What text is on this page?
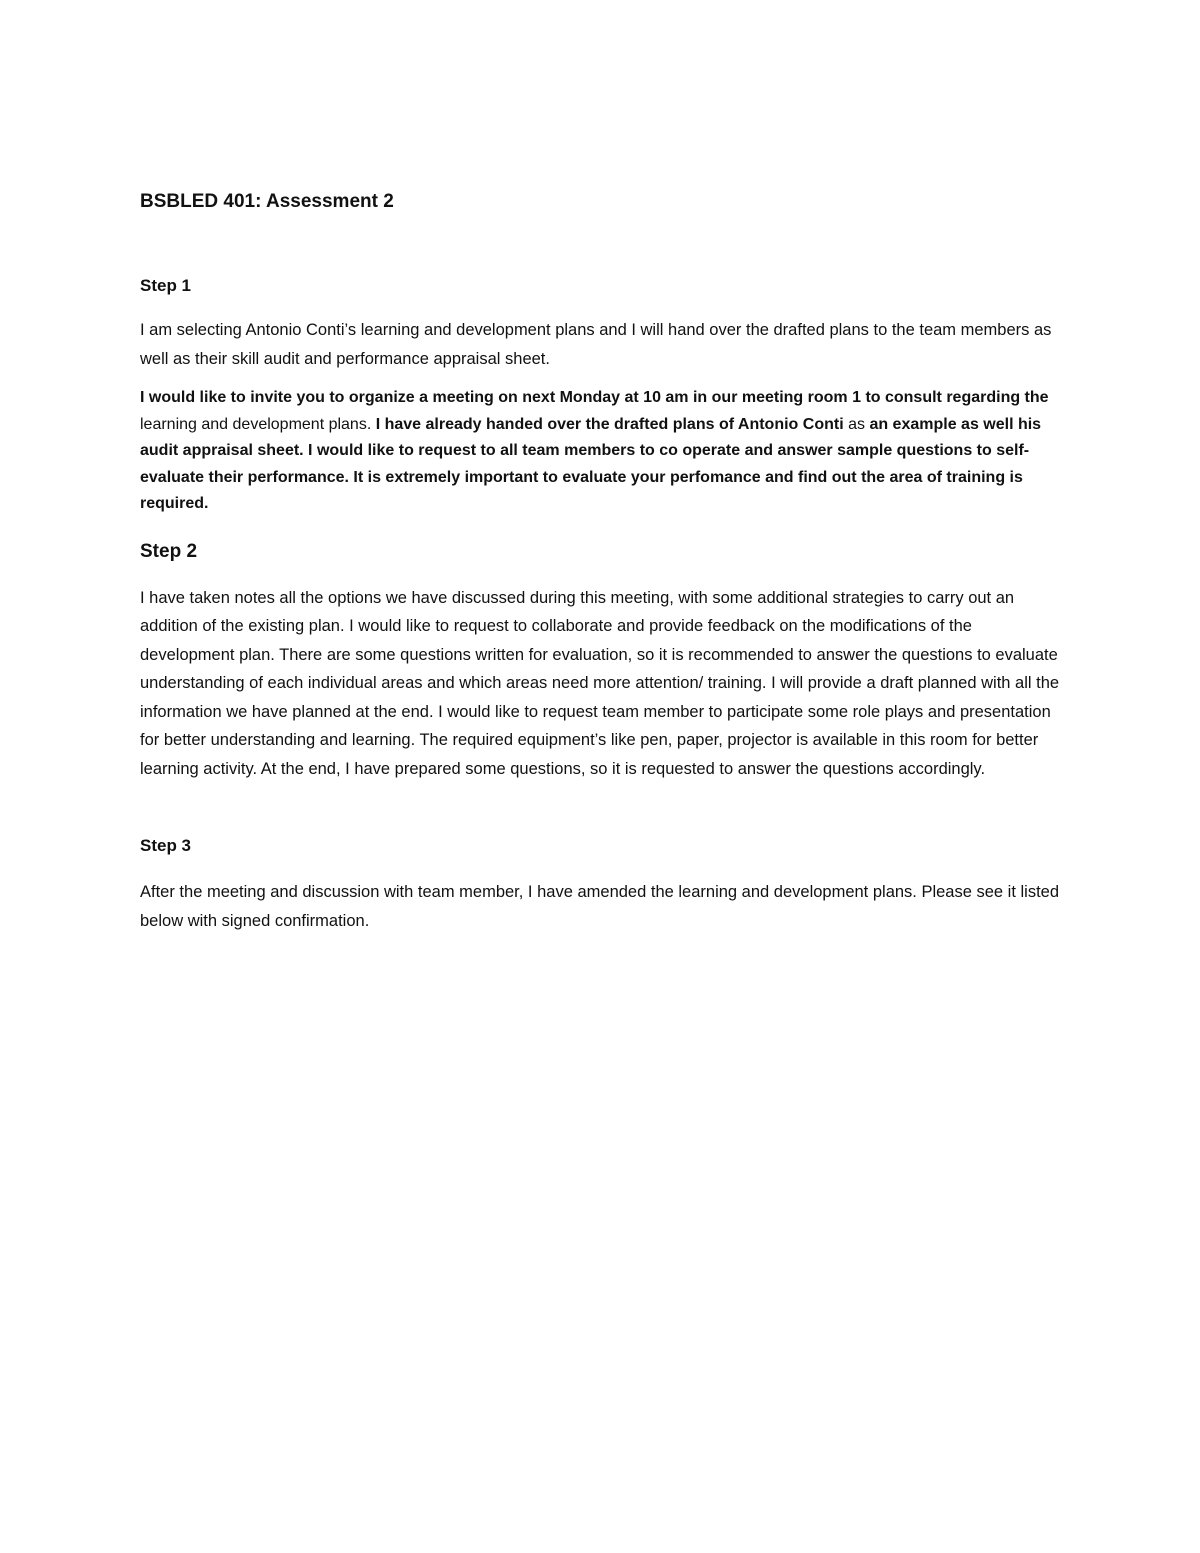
BSBLED 401: Assessment 2
Step 1

I am selecting Antonio Conti’s learning and development plans and I will hand over the drafted plans to the team members as well as their skill audit and performance appraisal sheet.

I would like to invite you to organize a meeting on next Monday at 10 am in our meeting room 1 to consult regarding the learning and development plans. I have already handed over the drafted plans of Antonio Conti as an example as well his audit appraisal sheet. I would like to request to all team members to co operate and answer sample questions to self-evaluate their performance. It is extremely important to evaluate your perfomance and find out the area of training is required.

Step 2

I have taken notes all the options we have discussed during this meeting, with some additional strategies to carry out an addition of the existing plan. I would like to request to collaborate and provide feedback on the modifications of the development plan. There are some questions written for evaluation, so it is recommended to answer the questions to evaluate understanding of each individual areas and which areas need more attention/ training. I will provide a draft planned with all the information we have planned at the end. I would like to request team member to participate some role plays and presentation for better understanding and learning. The required equipment’s like pen, paper, projector is available in this room for better learning activity. At the end, I have prepared some questions, so it is requested to answer the questions accordingly.

Step 3

After the meeting and discussion with team member, I have amended the learning and development plans. Please see it listed below with signed confirmation.
